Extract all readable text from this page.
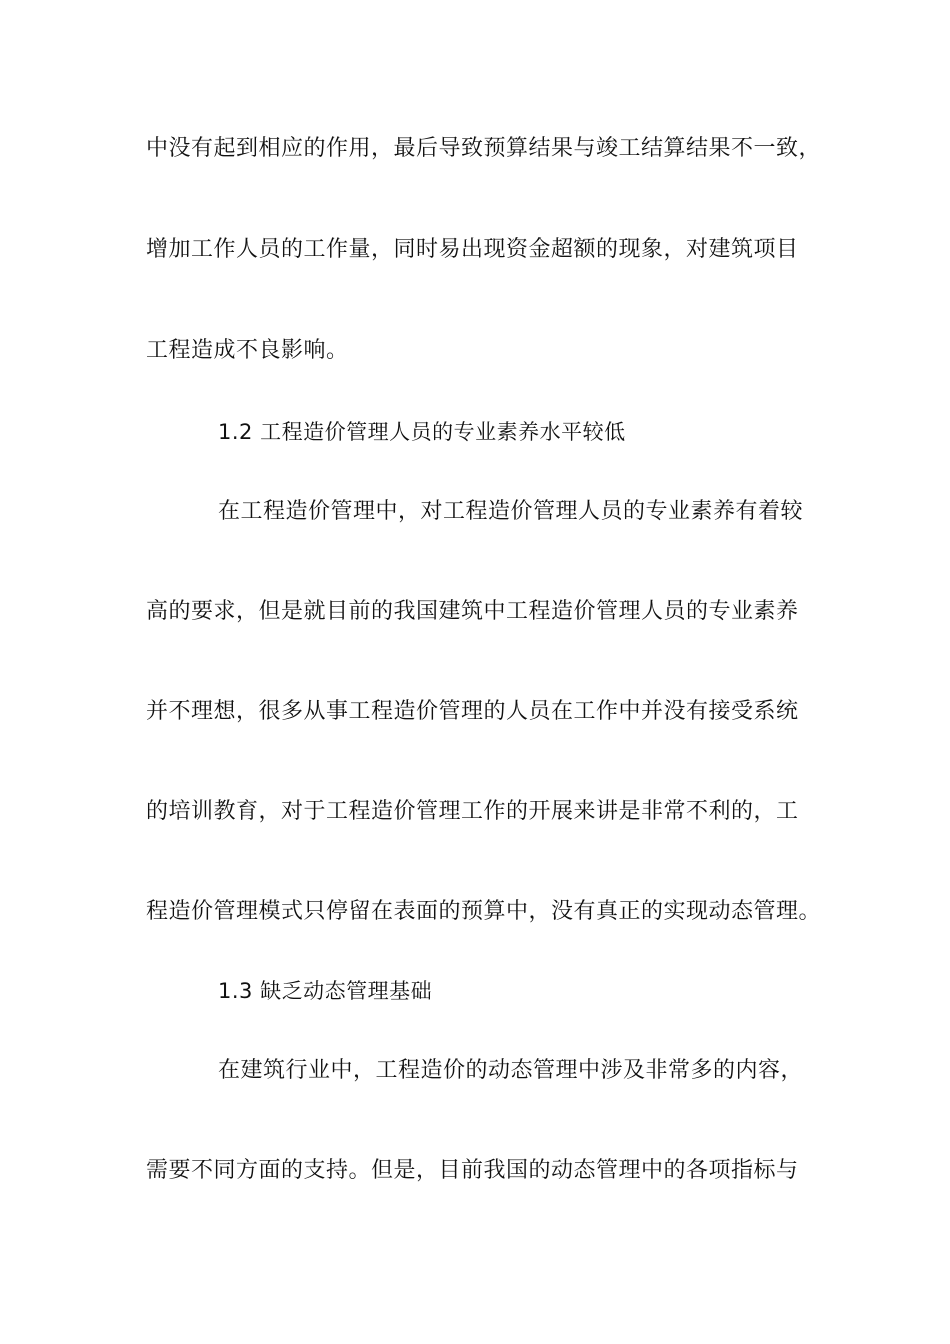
中没有起到相应的作用，最后导致预算结果与竣工结算结果不一致，
增加工作人员的工作量，同时易出现资金超额的现象，对建筑项目
工程造成不良影响。
1.2 工程造价管理人员的专业素养水平较低
在工程造价管理中，对工程造价管理人员的专业素养有着较
高的要求，但是就目前的我国建筑中工程造价管理人员的专业素养
并不理想，很多从事工程造价管理的人员在工作中并没有接受系统
的培训教育，对于工程造价管理工作的开展来讲是非常不利的，工
程造价管理模式只停留在表面的预算中，没有真正的实现动态管理。
1.3 缺乏动态管理基础
在建筑行业中，工程造价的动态管理中涉及非常多的内容，
需要不同方面的支持。但是，目前我国的动态管理中的各项指标与
